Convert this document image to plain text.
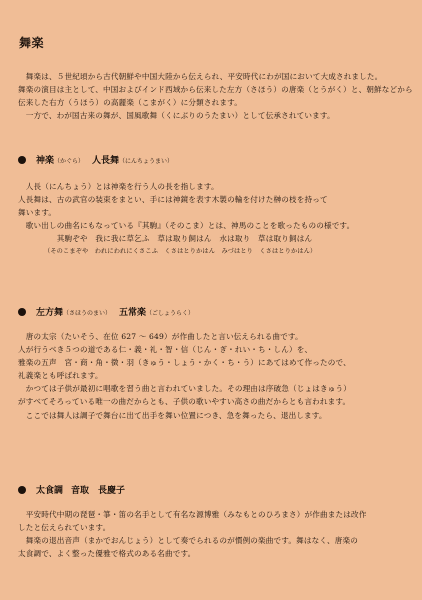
舞楽
　舞楽は、５世紀頃から古代朝鮮や中国大陸から伝えられ、平安時代にわが国において大成されました。
舞楽の演目は主として、中国およびインド西域から伝来した左方（さほう）の唐楽（とうがく）と、朝鮮などから
伝来した右方（うほう）の高麗楽（こまがく）に分類されます。
　一方で、わが国古来の舞が、国風歌舞（くにぶりのうたまい）として伝承されています。
神楽（かぐら） 人長舞（にんちょうまい）
　人長（にんちょう）とは神楽を行う人の長を指します。
人長舞は、古の武官の装束をまとい、手には神鏡を表す木製の輪を付けた榊の枝を持って
舞います。
　歌い出しの曲名にもなっている『其駒』（そのこま）とは、神馬のことを歌ったものの様です。
　　　　　其駒ぞや　我に我に草乞ふ　草は取り飼はん　水は取り　草は取り飼はん
（そのこまぞや　われにわれにくさこふ　くさはとりかはん　みづはとり　くさはとりかはん）
左方舞（さほうのまい） 五常楽（ごしょうらく）
　唐の太宗（たいそう、在位 627 〜 649）が作曲したと言い伝えられる曲です。
人が行うべき５つの道である仁・義・礼・智・信（じん・ぎ・れい・ち・しん）を、
雅楽の五声　宮・商・角・徴・羽（きゅう・しょう・かく・ち・う）にあてはめて作ったので、
礼義楽とも呼ばれます。
　かつては子供が最初に唱歌を習う曲と言われていました。その理由は序破急（じょはきゅう）
がすべてそろっている唯一の曲だからとも、子供の歌いやすい高さの曲だからとも言われます。
　ここでは舞人は調子で舞台に出て出手を舞い位置につき、急を舞ったら、退出します。
太食調 音取　長慶子
　平安時代中期の琵琶・箏・笛の名手として有名な源博雅（みなもとのひろまさ）が作曲または改作
したと伝えられています。
　舞楽の退出音声（まかでおんじょう）として奏でられるのが慣例の楽曲です。舞はなく、唐楽の
太食調で、よく整った優雅で格式のある名曲です。
